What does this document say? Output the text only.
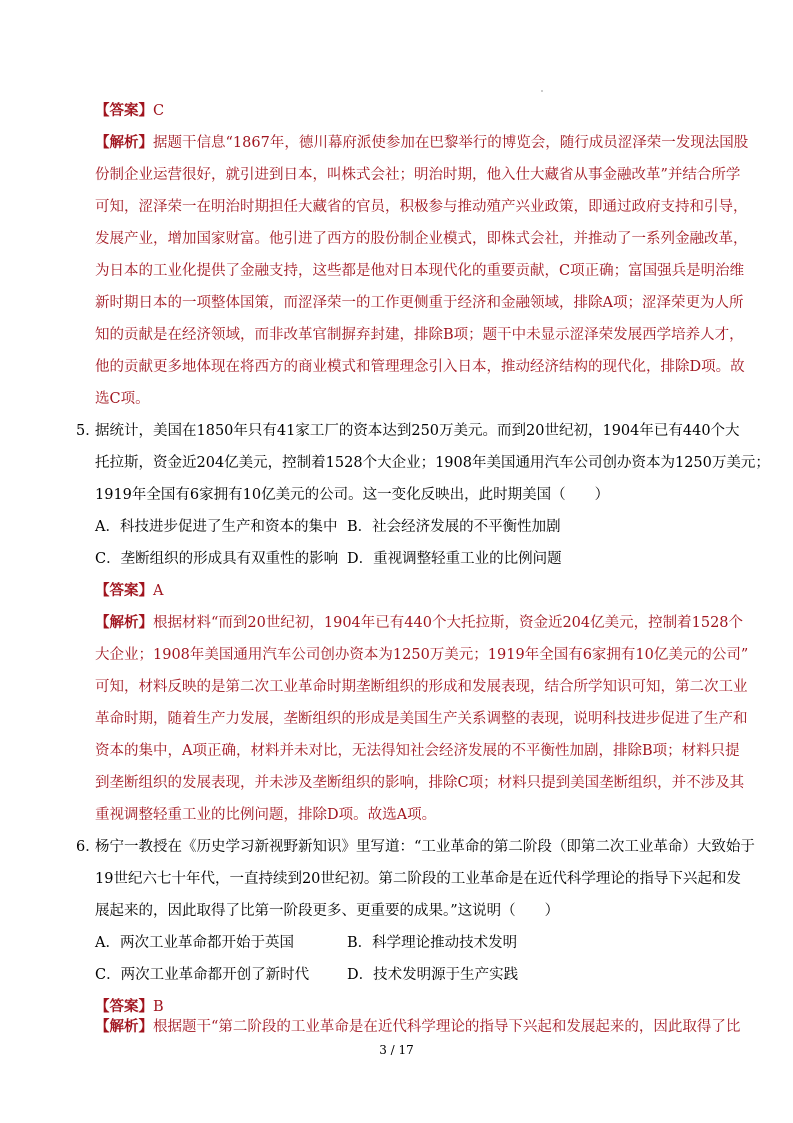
【答案】C
【解析】据题干信息“1867年，德川幕府派使参加在巴黎举行的博览会，随行成员涩泽荣一发现法国股
份制企业运营很好，就引进到日本，叫株式会社；明治时期，他入仕大藏省从事金融改革”并结合所学
可知，涩泽荣一在明治时期担任大藏省的官员，积极参与推动殖产兴业政策，即通过政府支持和引导，
发展产业，增加国家财富。他引进了西方的股份制企业模式，即株式会社，并推动了一系列金融改革，
为日本的工业化提供了金融支持，这些都是他对日本现代化的重要贡献，C项正确；富国强兵是明治维
新时期日本的一项整体国策，而涩泽荣一的工作更侧重于经济和金融领域，排除A项；涩泽荣更为人所
知的贡献是在经济领域，而非改革官制摒弃封建，排除B项；题干中未显示涩泽荣发展西学培养人才，
他的贡献更多地体现在将西方的商业模式和管理理念引入日本，推动经济结构的现代化，排除D项。故
选C项。
5．
据统计，美国在1850年只有41家工厂的资本达到250万美元。而到20世纪初，1904年已有440个大
托拉斯，资金近204亿美元，控制着1528个大企业；1908年美国通用汽车公司创办资本为1250万美元；
1919年全国有6家拥有10亿美元的公司。这一变化反映出，此时期美国（　　）
A．科技进步促进了生产和资本的集中 B．社会经济发展的不平衡性加剧
C．垄断组织的形成具有双重性的影响 D．重视调整轻重工业的比例问题
【答案】A
【解析】根据材料“而到20世纪初，1904年已有440个大托拉斯，资金近204亿美元，控制着1528个
大企业；1908年美国通用汽车公司创办资本为1250万美元；1919年全国有6家拥有10亿美元的公司”
可知，材料反映的是第二次工业革命时期垄断组织的形成和发展表现，结合所学知识可知，第二次工业
革命时期，随着生产力发展，垄断组织的形成是美国生产关系调整的表现，说明科技进步促进了生产和
资本的集中，A项正确，材料并未对比，无法得知社会经济发展的不平衡性加剧，排除B项；材料只提
到垄断组织的发展表现，并未涉及垄断组织的影响，排除C项；材料只提到美国垄断组织，并不涉及其
重视调整轻重工业的比例问题，排除D项。故选A项。
6．
杨宁一教授在《历史学习新视野新知识》里写道：“工业革命的第二阶段（即第二次工业革命）大致始于
19世纪六七十年代，一直持续到20世纪初。第二阶段的工业革命是在近代科学理论的指导下兴起和发
展起来的，因此取得了比第一阶段更多、更重要的成果。”这说明（　　）
A．两次工业革命都开始于英国	B．科学理论推动技术发明
C．两次工业革命都开创了新时代	D．技术发明源于生产实践
【答案】B
【解析】根据题干“第二阶段的工业革命是在近代科学理论的指导下兴起和发展起来的，因此取得了比
3 / 17
